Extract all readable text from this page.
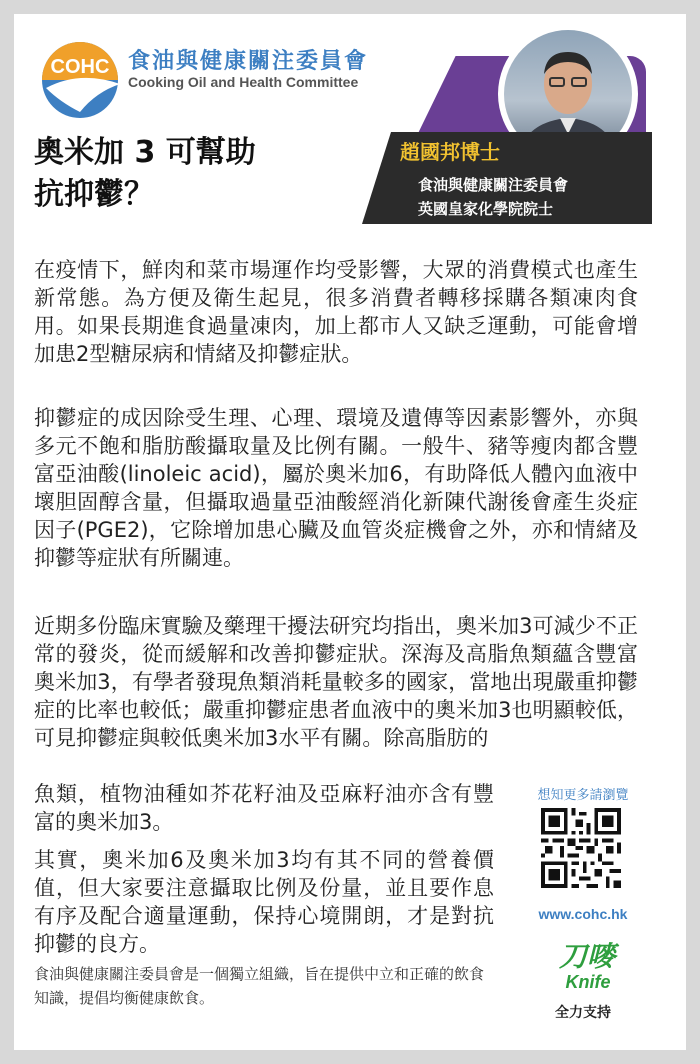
COHC 食油與健康關注委員會
Cooking Oil and Health Committee
奧米加 3 可幫助
抗抑鬱？
趙國邦博士
食油與健康關注委員會
英國皇家化學院院士
在疫情下，鮮肉和菜市場運作均受影響，大眾的消費模式也產生新常態。為方便及衛生起見，很多消費者轉移採購各類凍肉食用。如果長期進食過量凍肉，加上都市人又缺乏運動，可能會增加患2型糖尿病和情緒及抑鬱症狀。
抑鬱症的成因除受生理、心理、環境及遺傳等因素影響外，亦與多元不飽和脂肪酸攝取量及比例有關。一般牛、豬等瘦肉都含豐富亞油酸(linoleic acid)，屬於奧米加6，有助降低人體內血液中壞胆固醇含量，但攝取過量亞油酸經消化新陳代謝後會產生炎症因子(PGE2)，它除增加患心臟及血管炎症機會之外，亦和情緒及抑鬱等症狀有所關連。
近期多份臨床實驗及藥理干擾法研究均指出，奧米加3可減少不正常的發炎，從而緩解和改善抑鬱症狀。深海及高脂魚類蘊含豐富奧米加3，有學者發現魚類消耗量較多的國家，當地出現嚴重抑鬱症的比率也較低；嚴重抑鬱症患者血液中的奧米加3也明顯較低，可見抑鬱症與較低奧米加3水平有關。除高脂肪的
魚類，植物油種如芥花籽油及亞麻籽油亦含有豐富的奧米加3。
其實，奧米加6及奧米加3均有其不同的營養價值，但大家要注意攝取比例及份量，並且要作息有序及配合適量運動，保持心境開朗，才是對抗抑鬱的良方。
食油與健康關注委員會是一個獨立組織，旨在提供中立和正確的飲食知識，提倡均衡健康飲食。
想知更多請瀏覽
www.cohc.hk
刀嘜
Knife
全力支持
